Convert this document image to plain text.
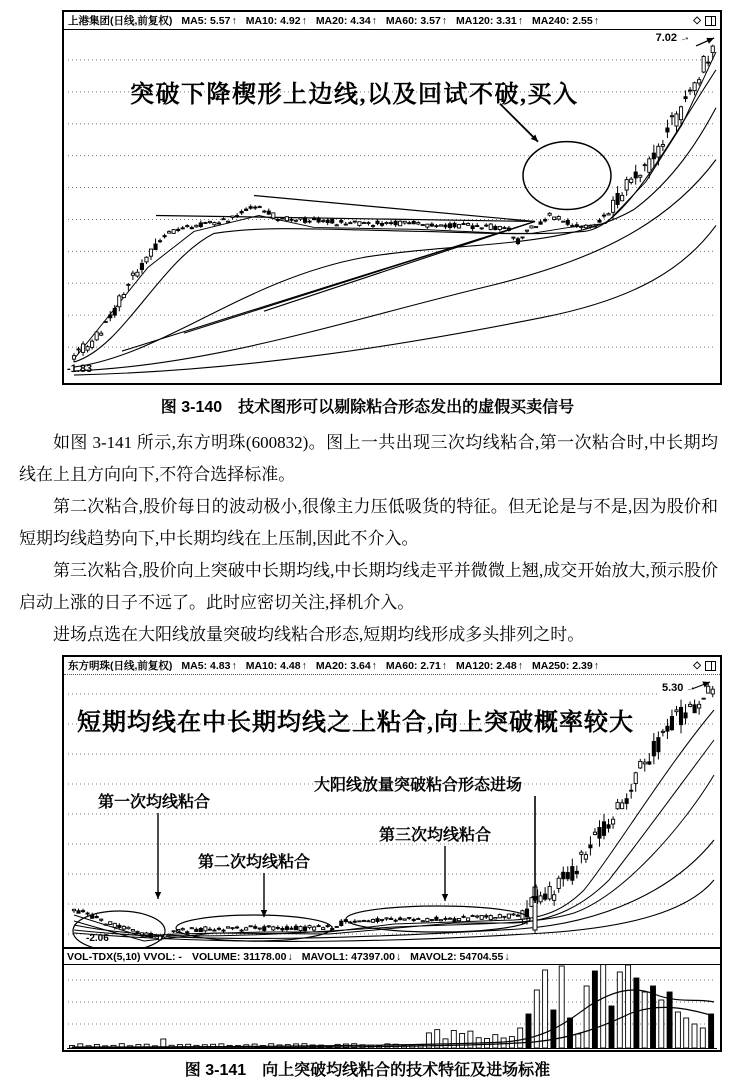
上港集团(日线,前复权) MA5: 5.57↑ MA10: 4.92↑ MA20: 4.34↑ MA60: 3.57↑ MA120: 3.31↑ MA240: 2.55↑	◇
突破下降楔形上边线,以及回试不破,买入
7.02→
-1.83
图 3-140 技术图形可以剔除粘合形态发出的虚假买卖信号

如图 3-141 所示,东方明珠(600832)。图上一共出现三次均线粘合,第一次粘合时,中长期均线在上且方向向下,不符合选择标准。

第二次粘合,股价每日的波动极小,很像主力压低吸货的特征。但无论是与不是,因为股价和短期均线趋势向下,中长期均线在上压制,因此不介入。

第三次粘合,股价向上突破中长期均线,中长期均线走平并微微上翘,成交开始放大,预示股价启动上涨的日子不远了。此时应密切关注,择机介入。

进场点选在大阳线放量突破均线粘合形态,短期均线形成多头排列之时。

东方明珠(日线,前复权) MA5: 4.83↑ MA10: 4.48↑ MA20: 3.64↑ MA60: 2.71↑ MA120: 2.48↑ MA250: 2.39↑	◇
短期均线在中长期均线之上粘合,向上突破概率较大
大阳线放量突破粘合形态进场
第一次均线粘合
第三次均线粘合
第二次均线粘合
5.30→
-2.06
VOL-TDX(5,10) VVOL: - VOLUME: 31178.00↓ MAVOL1: 47397.00↓ MAVOL2: 54704.55↓
图 3-141 向上突破均线粘合的技术特征及进场标准
